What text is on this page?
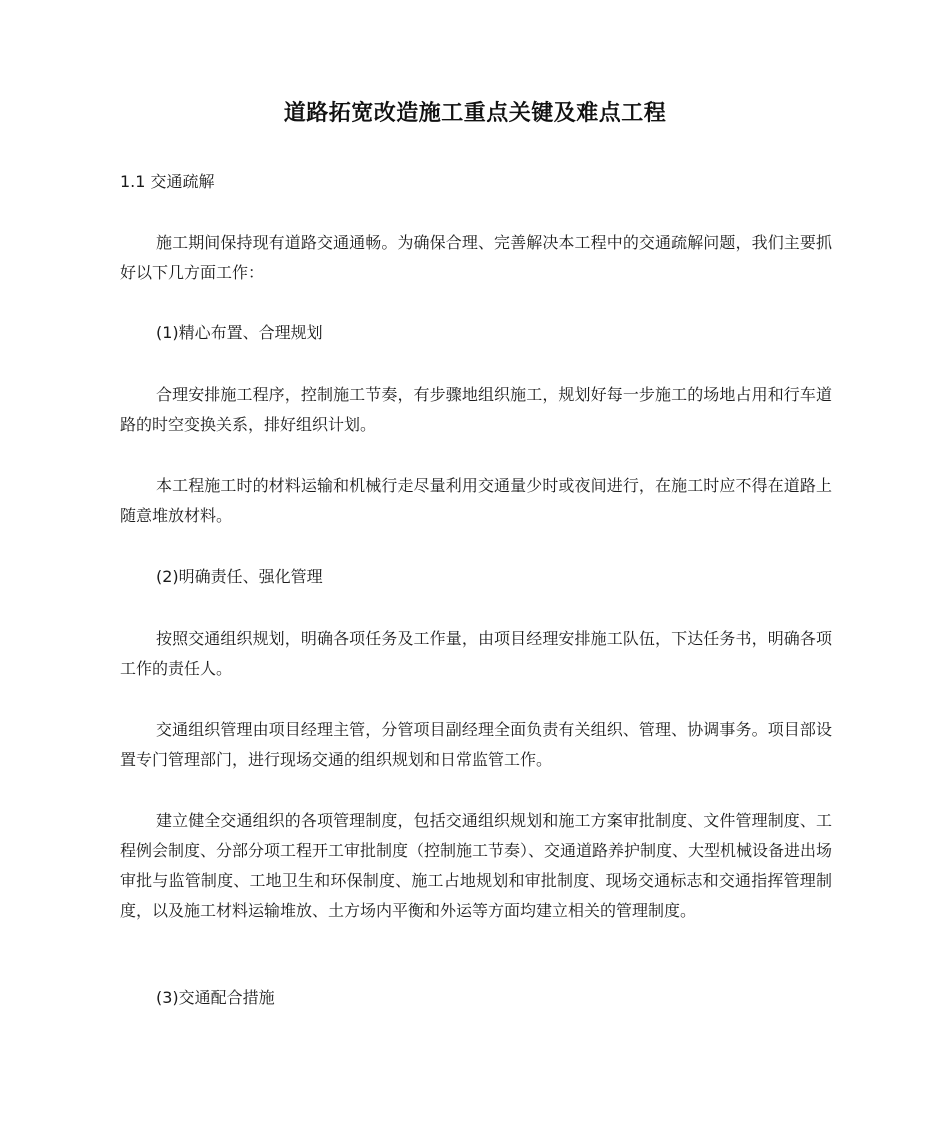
道路拓宽改造施工重点关键及难点工程
1.1 交通疏解

施工期间保持现有道路交通通畅。为确保合理、完善解决本工程中的交通疏解问题，我们主要抓好以下几方面工作：

(1)精心布置、合理规划

合理安排施工程序，控制施工节奏，有步骤地组织施工，规划好每一步施工的场地占用和行车道路的时空变换关系，排好组织计划。

本工程施工时的材料运输和机械行走尽量利用交通量少时或夜间进行，在施工时应不得在道路上随意堆放材料。

(2)明确责任、强化管理

按照交通组织规划，明确各项任务及工作量，由项目经理安排施工队伍，下达任务书，明确各项工作的责任人。

交通组织管理由项目经理主管，分管项目副经理全面负责有关组织、管理、协调事务。项目部设置专门管理部门，进行现场交通的组织规划和日常监管工作。

建立健全交通组织的各项管理制度，包括交通组织规划和施工方案审批制度、文件管理制度、工程例会制度、分部分项工程开工审批制度（控制施工节奏）、交通道路养护制度、大型机械设备进出场审批与监管制度、工地卫生和环保制度、施工占地规划和审批制度、现场交通标志和交通指挥管理制度，以及施工材料运输堆放、土方场内平衡和外运等方面均建立相关的管理制度。

(3)交通配合措施
